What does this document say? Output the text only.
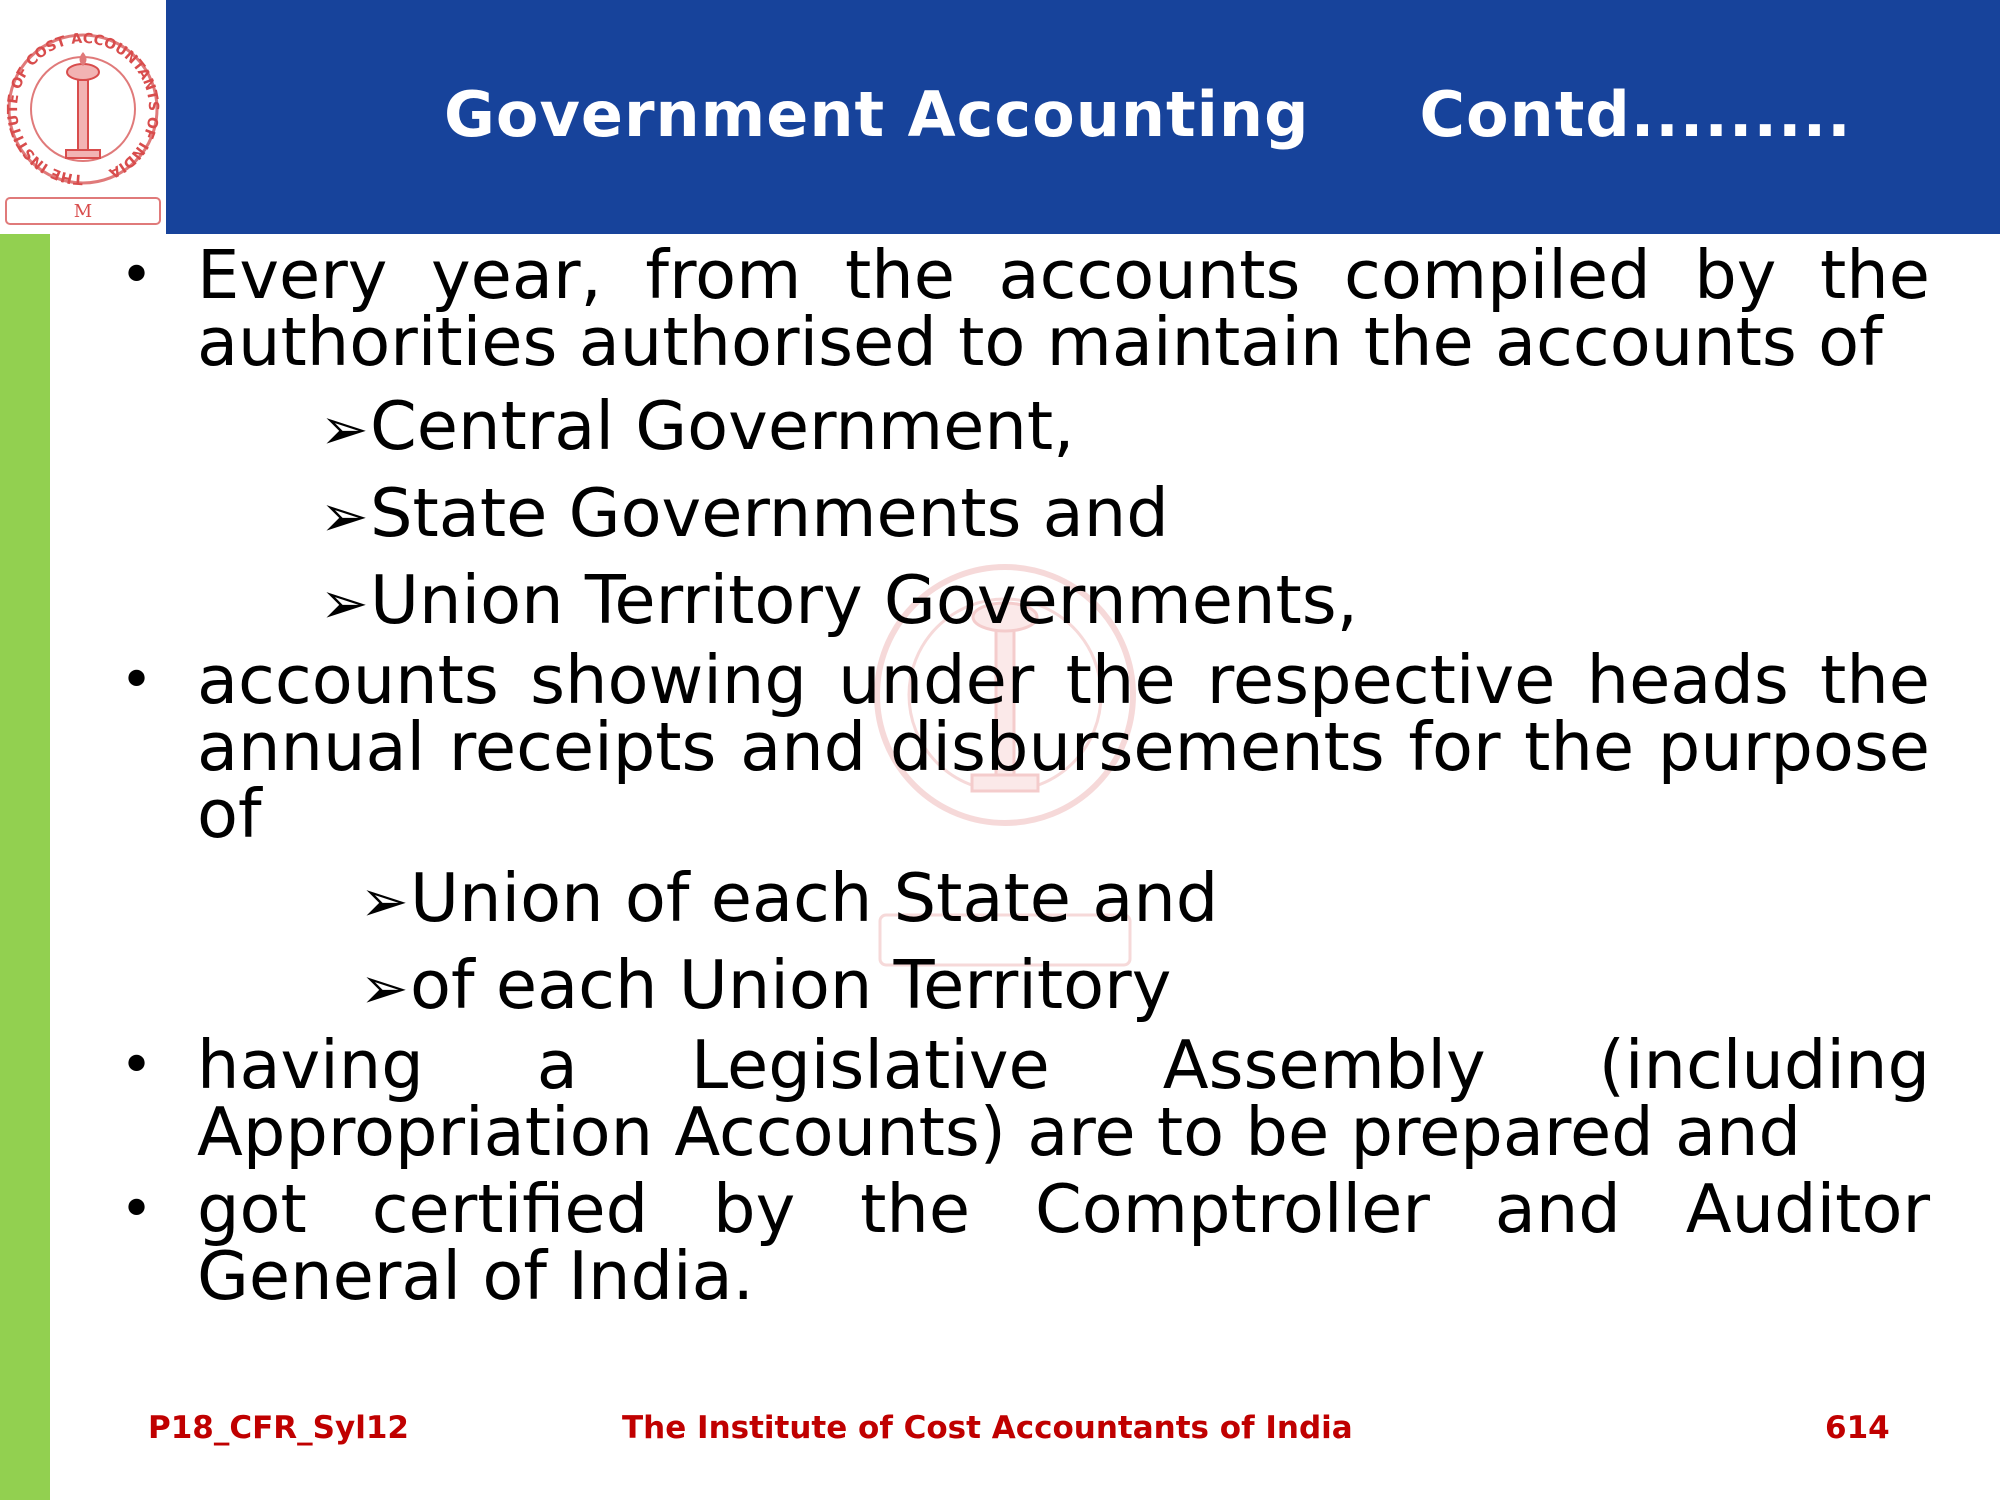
THE INSTITUTE OF COST ACCOUNTANTS OF INDIA
M
Government Accounting Contd.........
• Every year, from the accounts compiled by the authorities authorised to maintain the accounts of
➢Central Government,
➢State Governments and
➢Union Territory Governments,
• accounts showing under the respective heads the annual receipts and disbursements for the purpose of
➢Union of each State and
➢of each Union Territory
• having a Legislative Assembly (including Appropriation Accounts) are to be prepared and
• got certified by the Comptroller and Auditor General of India.
P18_CFR_Syl12	The Institute of Cost Accountants of India	614
